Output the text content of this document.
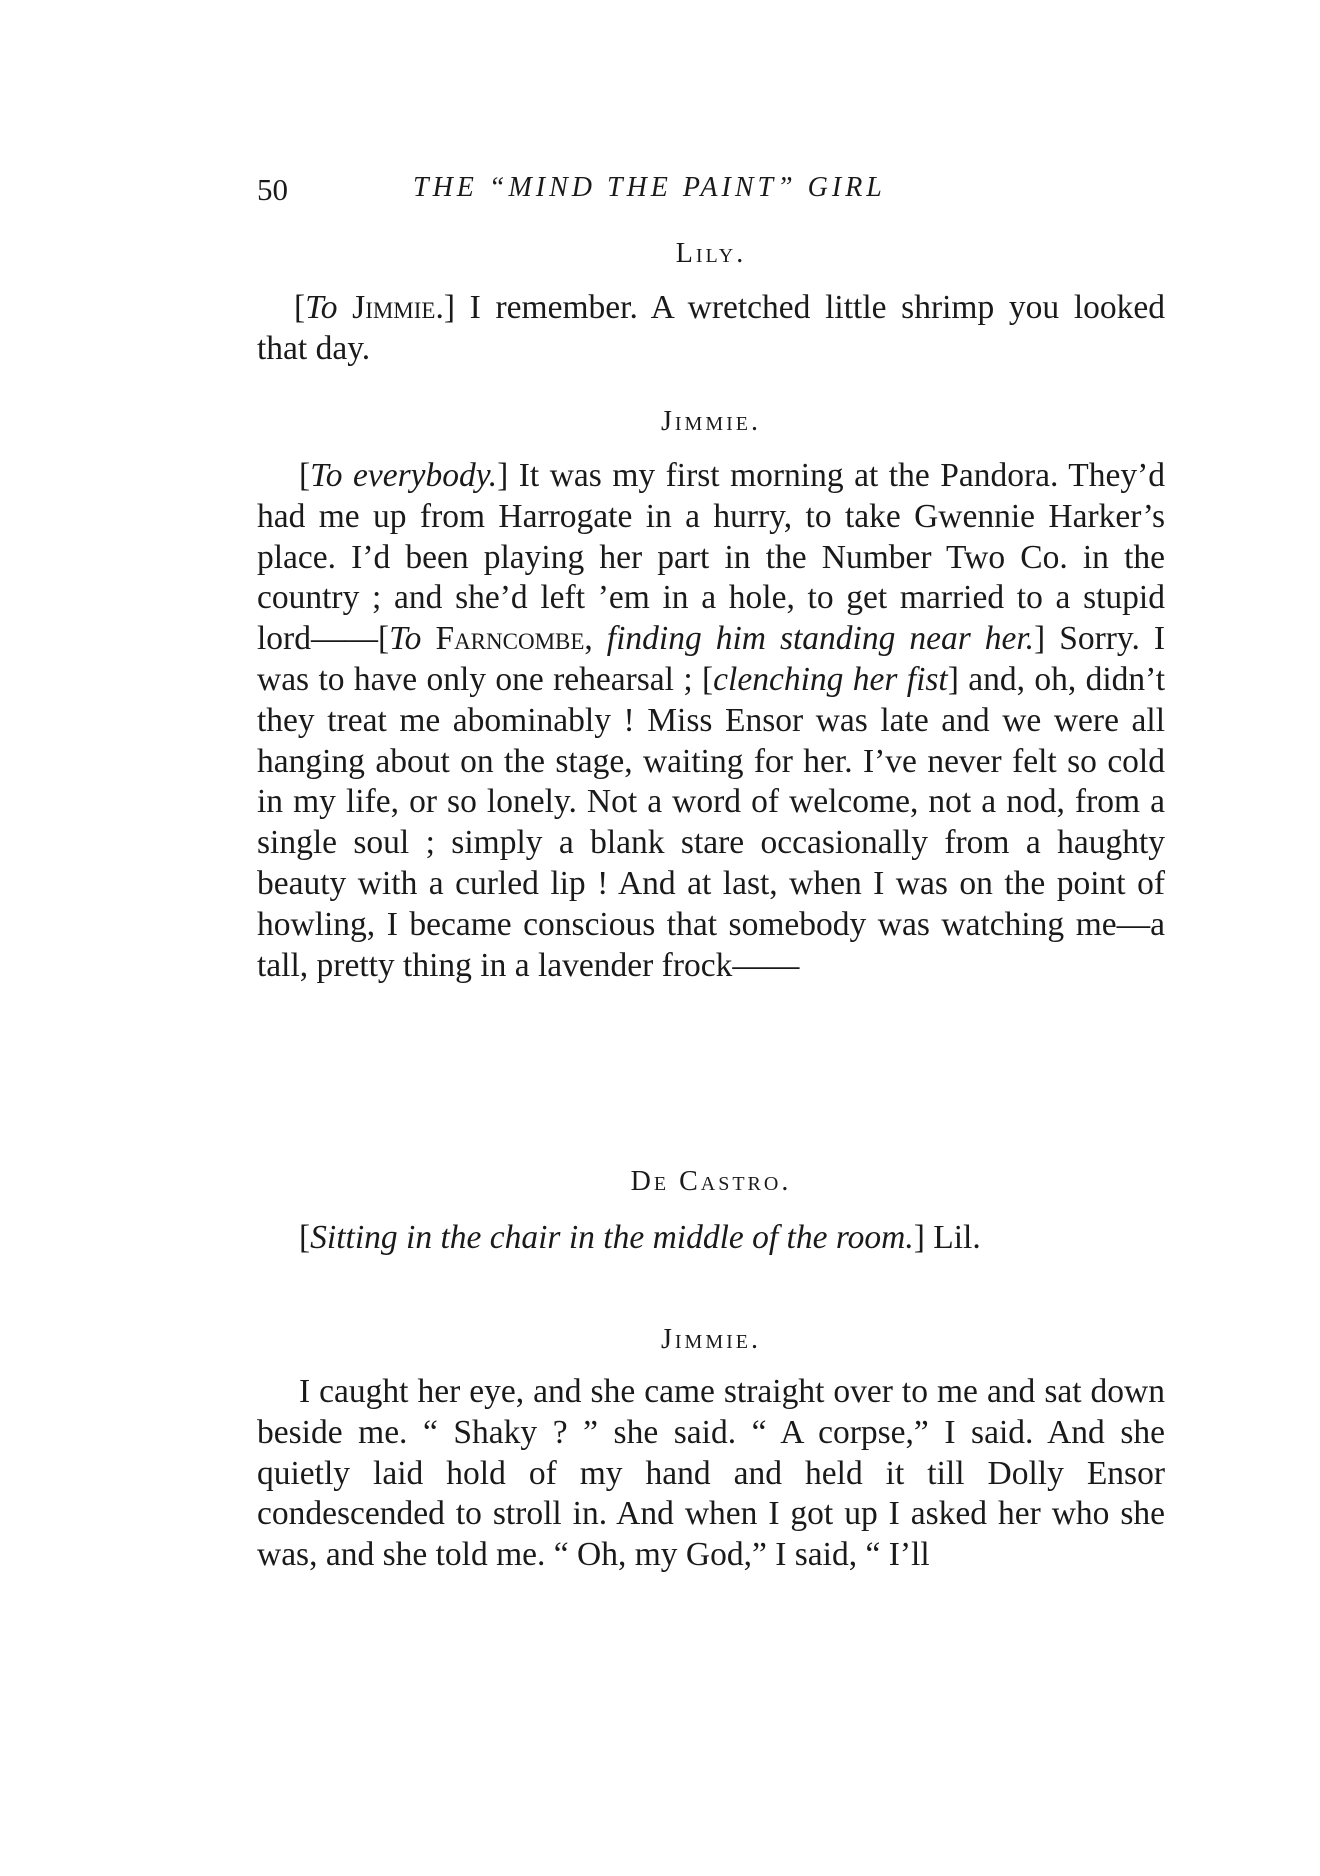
50	THE “MIND THE PAINT” GIRL
Lily.

[To Jimmie.] I remember. A wretched little shrimp you looked that day.

Jimmie.

[To everybody.] It was my first morning at the Pandora. They’d had me up from Harrogate in a hurry, to take Gwennie Harker’s place. I’d been playing her part in the Number Two Co. in the country ; and she’d left ’em in a hole, to get married to a stupid lord——[To Farncombe, finding him standing near her.] Sorry. I was to have only one rehearsal ; [clenching her fist] and, oh, didn’t they treat me abominably ! Miss Ensor was late and we were all hanging about on the stage, waiting for her. I’ve never felt so cold in my life, or so lonely. Not a word of welcome, not a nod, from a single soul ; simply a blank stare occasionally from a haughty beauty with a curled lip ! And at last, when I was on the point of howling, I became conscious that somebody was watching me—a tall, pretty thing in a lavender frock——

De Castro.

[Sitting in the chair in the middle of the room.] Lil.

Jimmie.

I caught her eye, and she came straight over to me and sat down beside me. “ Shaky ? ” she said. “ A corpse,” I said. And she quietly laid hold of my hand and held it till Dolly Ensor condescended to stroll in. And when I got up I asked her who she was, and she told me. “ Oh, my God,” I said, “ I’ll
